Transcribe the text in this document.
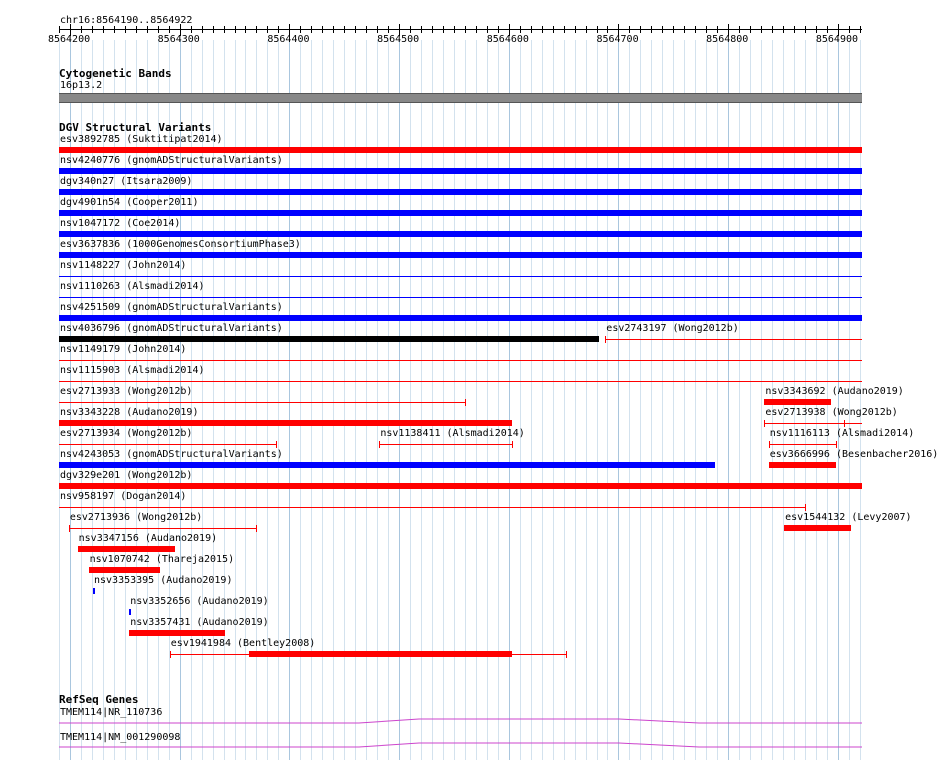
chr16:8564190..8564922
8564200	8564300	8564400	8564500	8564600	8564700	8564800	8564900
Cytogenetic Bands
16p13.2
DGV Structural Variants
esv3892785 (Suktitipat2014)
nsv4240776 (gnomADStructuralVariants)
dgv340n27 (Itsara2009)
dgv4901n54 (Cooper2011)
nsv1047172 (Coe2014)
esv3637836 (1000GenomesConsortiumPhase3)
nsv1148227 (John2014)
nsv1110263 (Alsmadi2014)
nsv4251509 (gnomADStructuralVariants)
nsv4036796 (gnomADStructuralVariants)	esv2743197 (Wong2012b)
nsv1149179 (John2014)
nsv1115903 (Alsmadi2014)
esv2713933 (Wong2012b)	nsv3343692 (Audano2019)
nsv3343228 (Audano2019)	esv2713938 (Wong2012b)
esv2713934 (Wong2012b)	nsv1138411 (Alsmadi2014)	nsv1116113 (Alsmadi2014)
nsv4243053 (gnomADStructuralVariants)	esv3666996 (Besenbacher2016)
dgv329e201 (Wong2012b)
nsv958197 (Dogan2014)
esv2713936 (Wong2012b)	esv1544132 (Levy2007)
nsv3347156 (Audano2019)
nsv1070742 (Thareja2015)
nsv3353395 (Audano2019)
nsv3352656 (Audano2019)
nsv3357431 (Audano2019)
esv1941984 (Bentley2008)
RefSeq Genes
TMEM114|NR_110736
TMEM114|NM_001290098
